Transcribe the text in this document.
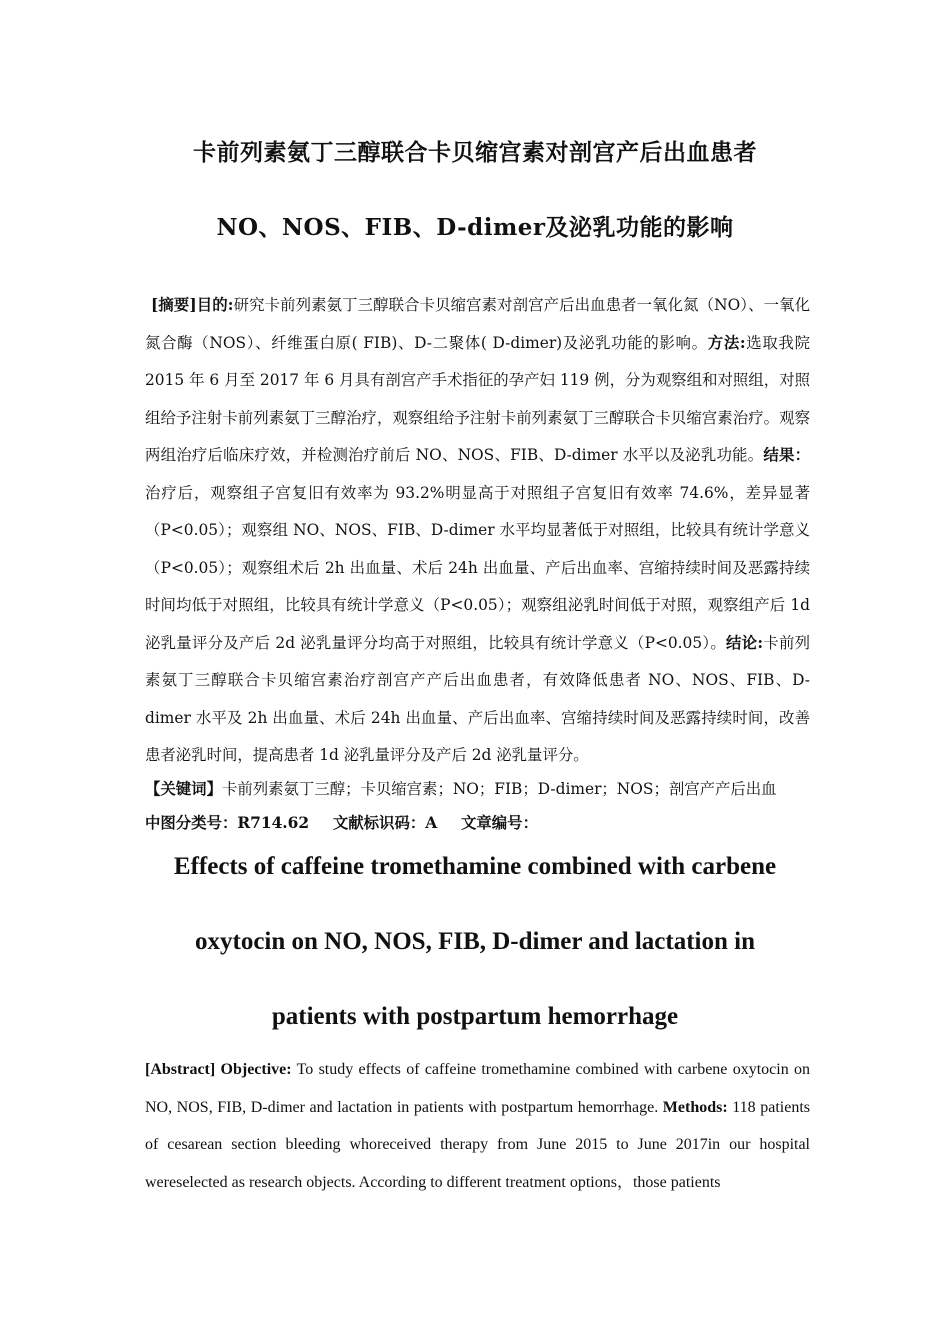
卡前列素氨丁三醇联合卡贝缩宫素对剖宫产后出血患者
NO、NOS、FIB、D-dimer及泌乳功能的影响
[摘要]目的:研究卡前列素氨丁三醇联合卡贝缩宫素对剖宫产后出血患者一氧化氮（NO）、一氧化氮合酶（NOS）、纤维蛋白原( FIB)、D-二聚体( D-dimer)及泌乳功能的影响。方法:选取我院 2015 年 6 月至 2017 年 6 月具有剖宫产手术指征的孕产妇 119 例，分为观察组和对照组，对照组给予注射卡前列素氨丁三醇治疗，观察组给予注射卡前列素氨丁三醇联合卡贝缩宫素治疗。观察两组治疗后临床疗效，并检测治疗前后 NO、NOS、FIB、D-dimer 水平以及泌乳功能。结果：治疗后，观察组子宫复旧有效率为 93.2%明显高于对照组子宫复旧有效率 74.6%，差异显著（P<0.05）；观察组 NO、NOS、FIB、D-dimer 水平均显著低于对照组，比较具有统计学意义（P<0.05）；观察组术后 2h 出血量、术后 24h 出血量、产后出血率、宫缩持续时间及恶露持续时间均低于对照组，比较具有统计学意义（P<0.05）；观察组泌乳时间低于对照，观察组产后 1d 泌乳量评分及产后 2d 泌乳量评分均高于对照组，比较具有统计学意义（P<0.05）。结论:卡前列素氨丁三醇联合卡贝缩宫素治疗剖宫产产后出血患者，有效降低患者 NO、NOS、FIB、D-dimer 水平及 2h 出血量、术后 24h 出血量、产后出血率、宫缩持续时间及恶露持续时间，改善患者泌乳时间，提高患者 1d 泌乳量评分及产后 2d 泌乳量评分。
【关键词】卡前列素氨丁三醇；卡贝缩宫素；NO；FIB；D-dimer；NOS；剖宫产产后出血
中图分类号：R714.62 文献标识码：A 文章编号：
Effects of caffeine tromethamine combined with carbene
oxytocin on NO, NOS, FIB, D-dimer and lactation in
patients with postpartum hemorrhage
[Abstract] Objective: To study effects of caffeine tromethamine combined with carbene oxytocin on NO, NOS, FIB, D-dimer and lactation in patients with postpartum hemorrhage. Methods: 118 patients of cesarean section bleeding whoreceived therapy from June 2015 to June 2017in our hospital wereselected as research objects. According to different treatment options，those patients
